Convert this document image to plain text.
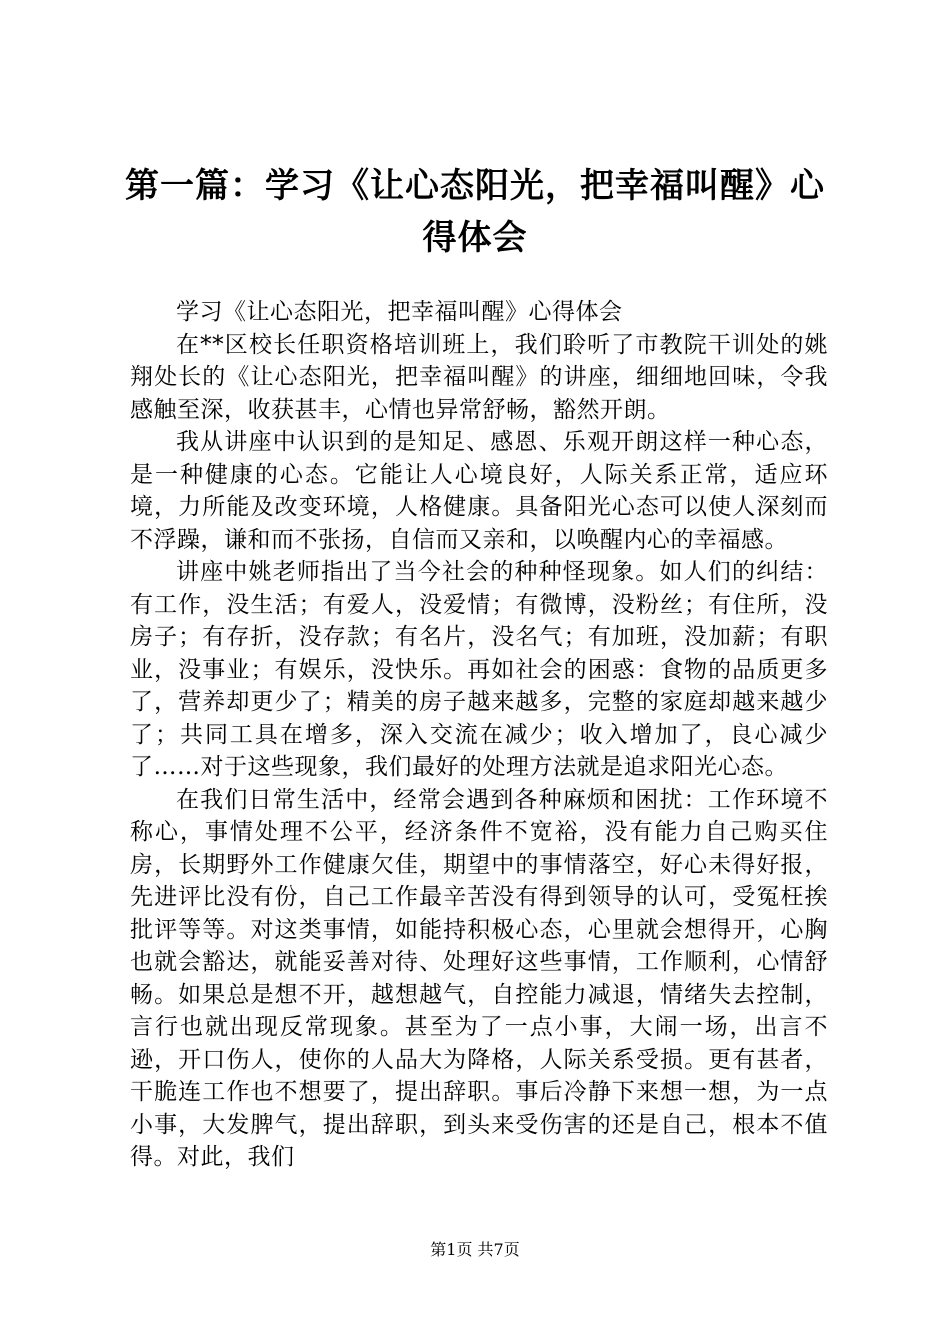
第一篇：学习《让心态阳光，把幸福叫醒》心得体会

学习《让心态阳光，把幸福叫醒》心得体会

在**区校长任职资格培训班上，我们聆听了市教院干训处的姚翔处长的《让心态阳光，把幸福叫醒》的讲座，细细地回味，令我感触至深，收获甚丰，心情也异常舒畅，豁然开朗。

我从讲座中认识到的是知足、感恩、乐观开朗这样一种心态，是一种健康的心态。它能让人心境良好，人际关系正常，适应环境，力所能及改变环境，人格健康。具备阳光心态可以使人深刻而不浮躁，谦和而不张扬，自信而又亲和，以唤醒内心的幸福感。

讲座中姚老师指出了当今社会的种种怪现象。如人们的纠结：有工作，没生活；有爱人，没爱情；有微博，没粉丝；有住所，没房子；有存折，没存款；有名片，没名气；有加班，没加薪；有职业，没事业；有娱乐，没快乐。再如社会的困惑：食物的品质更多了，营养却更少了；精美的房子越来越多，完整的家庭却越来越少了；共同工具在增多，深入交流在减少；收入增加了，良心减少了……对于这些现象，我们最好的处理方法就是追求阳光心态。

在我们日常生活中，经常会遇到各种麻烦和困扰：工作环境不称心，事情处理不公平，经济条件不宽裕，没有能力自己购买住房，长期野外工作健康欠佳，期望中的事情落空，好心未得好报，先进评比没有份，自己工作最辛苦没有得到领导的认可，受冤枉挨批评等等。对这类事情，如能持积极心态，心里就会想得开，心胸也就会豁达，就能妥善对待、处理好这些事情，工作顺利，心情舒畅。如果总是想不开，越想越气，自控能力减退，情绪失去控制，言行也就出现反常现象。甚至为了一点小事，大闹一场，出言不逊，开口伤人，使你的人品大为降格，人际关系受损。更有甚者，干脆连工作也不想要了，提出辞职。事后冷静下来想一想，为一点小事，大发脾气，提出辞职，到头来受伤害的还是自己，根本不值得。对此，我们

第1页 共7页
